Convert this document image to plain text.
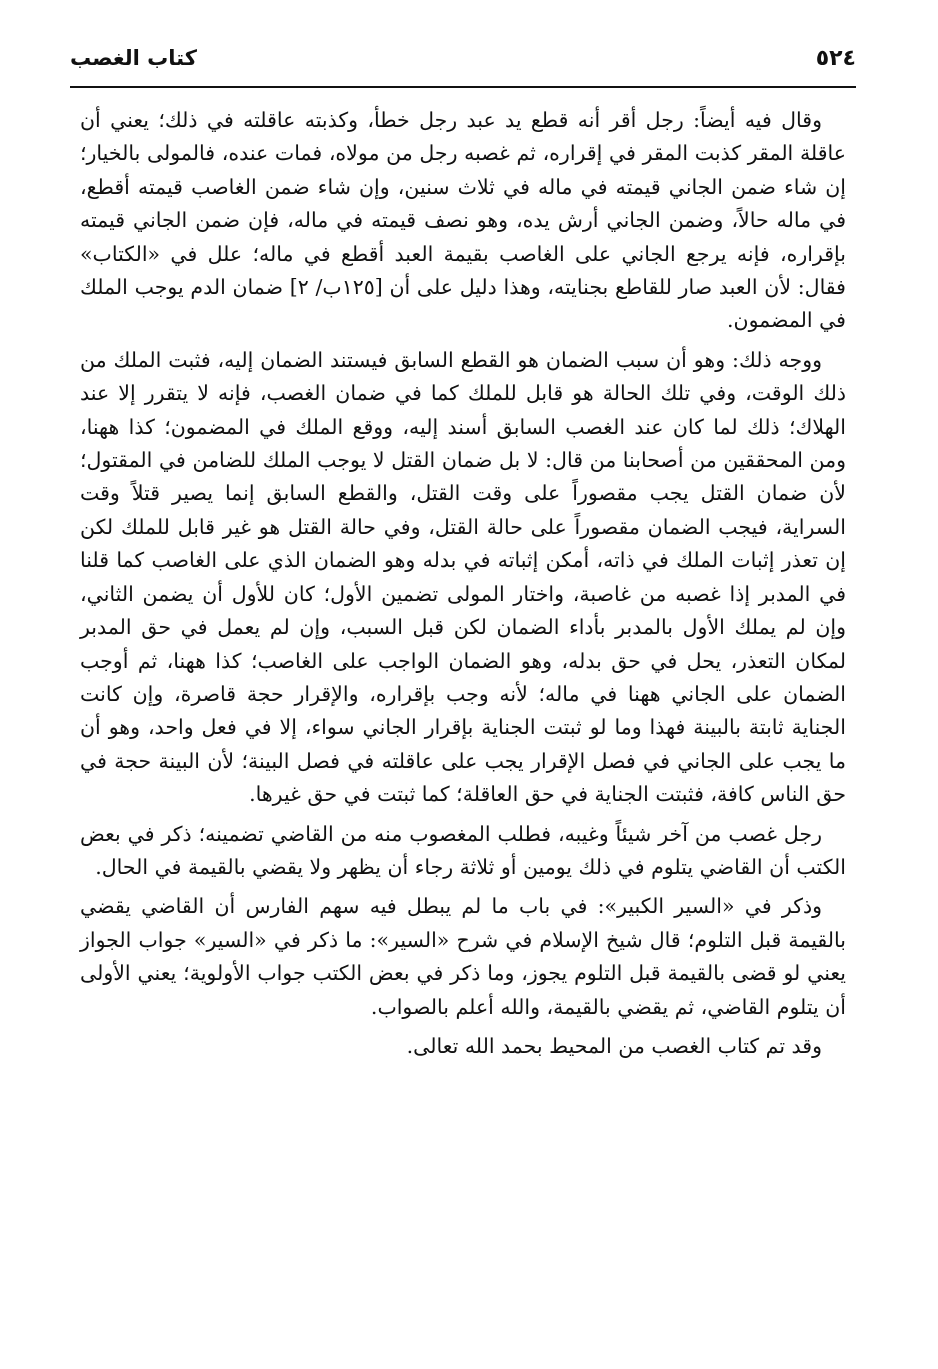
٥٢٤
كتاب الغصب

وقال فيه أيضاً: رجل أقر أنه قطع يد عبد رجل خطأ، وكذبته عاقلته في ذلك؛ يعني أن عاقلة المقر كذبت المقر في إقراره، ثم غصبه رجل من مولاه، فمات عنده، فالمولى بالخيار؛ إن شاء ضمن الجاني قيمته في ماله في ثلاث سنين، وإن شاء ضمن الغاصب قيمته أقطع، في ماله حالاً، وضمن الجاني أرش يده، وهو نصف قيمته في ماله، فإن ضمن الجاني قيمته بإقراره، فإنه يرجع الجاني على الغاصب بقيمة العبد أقطع في ماله؛ علل في «الكتاب» فقال: لأن العبد صار للقاطع بجنايته، وهذا دليل على أن [١٢٥ب/ ٢] ضمان الدم يوجب الملك في المضمون.

ووجه ذلك: وهو أن سبب الضمان هو القطع السابق فيستند الضمان إليه، فثبت الملك من ذلك الوقت، وفي تلك الحالة هو قابل للملك كما في ضمان الغصب، فإنه لا يتقرر إلا عند الهلاك؛ ذلك لما كان عند الغصب السابق أسند إليه، ووقع الملك في المضمون؛ كذا ههنا، ومن المحققين من أصحابنا من قال: لا بل ضمان القتل لا يوجب الملك للضامن في المقتول؛ لأن ضمان القتل يجب مقصوراً على وقت القتل، والقطع السابق إنما يصير قتلاً وقت السراية، فيجب الضمان مقصوراً على حالة القتل، وفي حالة القتل هو غير قابل للملك لكن إن تعذر إثبات الملك في ذاته، أمكن إثباته في بدله وهو الضمان الذي على الغاصب كما قلنا في المدبر إذا غصبه من غاصبة، واختار المولى تضمين الأول؛ كان للأول أن يضمن الثاني، وإن لم يملك الأول بالمدبر بأداء الضمان لكن قبل السبب، وإن لم يعمل في حق المدبر لمكان التعذر، يحل في حق بدله، وهو الضمان الواجب على الغاصب؛ كذا ههنا، ثم أوجب الضمان على الجاني ههنا في ماله؛ لأنه وجب بإقراره، والإقرار حجة قاصرة، وإن كانت الجناية ثابتة بالبينة فهذا وما لو ثبتت الجناية بإقرار الجاني سواء، إلا في فعل واحد، وهو أن ما يجب على الجاني في فصل الإقرار يجب على عاقلته في فصل البينة؛ لأن البينة حجة في حق الناس كافة، فثبتت الجناية في حق العاقلة؛ كما ثبتت في حق غيرها.

رجل غصب من آخر شيئاً وغيبه، فطلب المغصوب منه من القاضي تضمينه؛ ذكر في بعض الكتب أن القاضي يتلوم في ذلك يومين أو ثلاثة رجاء أن يظهر ولا يقضي بالقيمة في الحال.

وذكر في «السير الكبير»: في باب ما لم يبطل فيه سهم الفارس أن القاضي يقضي بالقيمة قبل التلوم؛ قال شيخ الإسلام في شرح «السير»: ما ذكر في «السير» جواب الجواز يعني لو قضى بالقيمة قبل التلوم يجوز، وما ذكر في بعض الكتب جواب الأولوية؛ يعني الأولى أن يتلوم القاضي، ثم يقضي بالقيمة، والله أعلم بالصواب.

وقد تم كتاب الغصب من المحيط بحمد الله تعالى.
